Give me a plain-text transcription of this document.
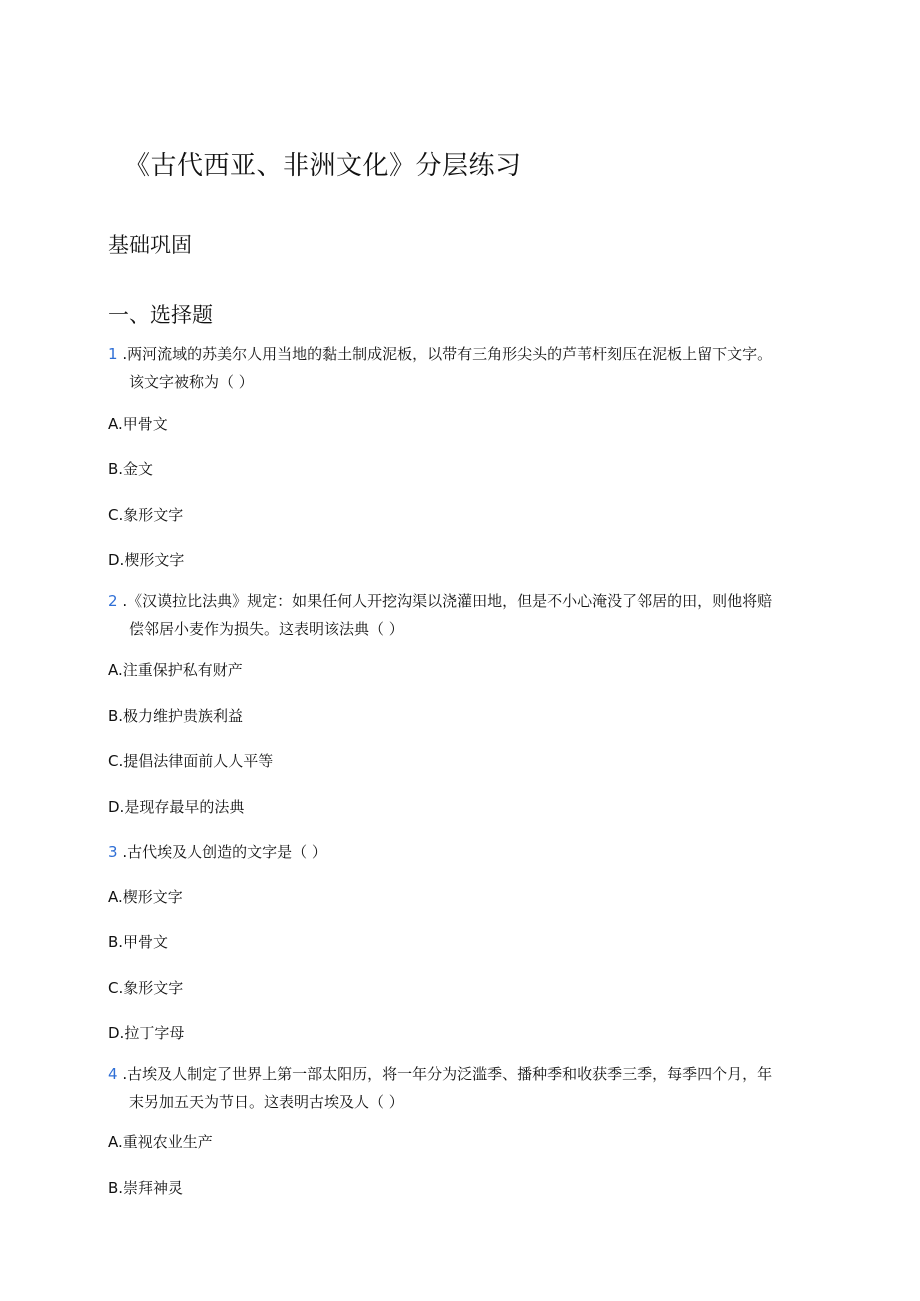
《古代西亚、非洲文化》分层练习
基础巩固
一、选择题
1 .两河流域的苏美尔人用当地的黏土制成泥板，以带有三角形尖头的芦苇杆刻压在泥板上留下文字。
该文字被称为（ ）
A.甲骨文
B.金文
C.象形文字
D.楔形文字
2 .《汉谟拉比法典》规定：如果任何人开挖沟渠以浇灌田地，但是不小心淹没了邻居的田，则他将赔
偿邻居小麦作为损失。这表明该法典（ ）
A.注重保护私有财产
B.极力维护贵族利益
C.提倡法律面前人人平等
D.是现存最早的法典
3 .古代埃及人创造的文字是（ ）
A.楔形文字
B.甲骨文
C.象形文字
D.拉丁字母
4 .古埃及人制定了世界上第一部太阳历，将一年分为泛滥季、播种季和收获季三季，每季四个月，年
末另加五天为节日。这表明古埃及人（ ）
A.重视农业生产
B.崇拜神灵
